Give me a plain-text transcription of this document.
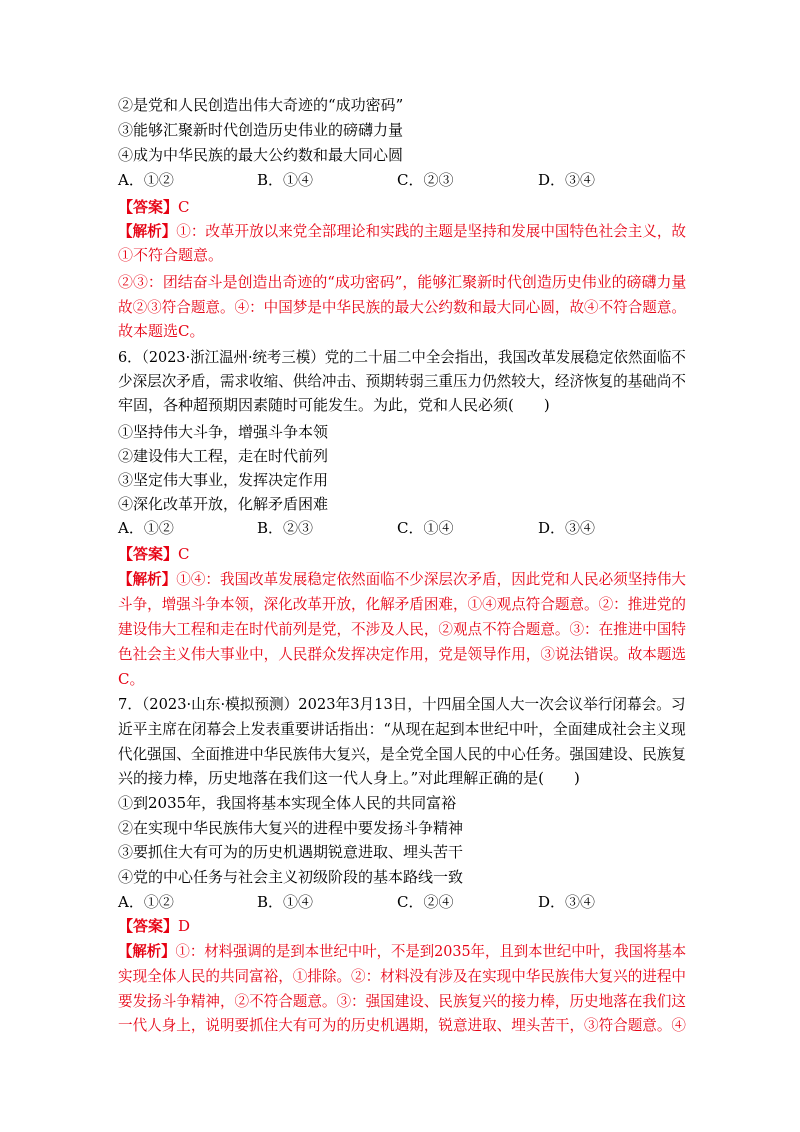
②是党和人民创造出伟大奇迹的“成功密码”
③能够汇聚新时代创造历史伟业的磅礴力量
④成为中华民族的最大公约数和最大同心圆
A．①②	B．①④	C．②③	D．③④
【答案】C
【解析】①：改革开放以来党全部理论和实践的主题是坚持和发展中国特色社会主义，故
①不符合题意。
②③：团结奋斗是创造出奇迹的“成功密码”，能够汇聚新时代创造历史伟业的磅礴力量
故②③符合题意。④：中国梦是中华民族的最大公约数和最大同心圆，故④不符合题意。
故本题选C。
6．（2023·浙江温州·统考三模）党的二十届二中全会指出，我国改革发展稳定依然面临不
少深层次矛盾，需求收缩、供给冲击、预期转弱三重压力仍然较大，经济恢复的基础尚不
牢固，各种超预期因素随时可能发生。为此，党和人民必须(　　)
①坚持伟大斗争，增强斗争本领
②建设伟大工程，走在时代前列
③坚定伟大事业，发挥决定作用
④深化改革开放，化解矛盾困难
A．①②	B．②③	C．①④	D．③④
【答案】C
【解析】①④：我国改革发展稳定依然面临不少深层次矛盾，因此党和人民必须坚持伟大
斗争，增强斗争本领，深化改革开放，化解矛盾困难，①④观点符合题意。②：推进党的
建设伟大工程和走在时代前列是党，不涉及人民，②观点不符合题意。③：在推进中国特
色社会主义伟大事业中，人民群众发挥决定作用，党是领导作用，③说法错误。故本题选
C。
7．（2023·山东·模拟预测）2023年3月13日，十四届全国人大一次会议举行闭幕会。习
近平主席在闭幕会上发表重要讲话指出：“从现在起到本世纪中叶，全面建成社会主义现
代化强国、全面推进中华民族伟大复兴，是全党全国人民的中心任务。强国建设、民族复
兴的接力棒，历史地落在我们这一代人身上。”对此理解正确的是(　　)
①到2035年，我国将基本实现全体人民的共同富裕
②在实现中华民族伟大复兴的进程中要发扬斗争精神
③要抓住大有可为的历史机遇期锐意进取、埋头苦干
④党的中心任务与社会主义初级阶段的基本路线一致
A．①②	B．①④	C．②④	D．③④
【答案】D
【解析】①：材料强调的是到本世纪中叶，不是到2035年，且到本世纪中叶，我国将基本
实现全体人民的共同富裕，①排除。②：材料没有涉及在实现中华民族伟大复兴的进程中
要发扬斗争精神，②不符合题意。③：强国建设、民族复兴的接力棒，历史地落在我们这
一代人身上，说明要抓住大有可为的历史机遇期，锐意进取、埋头苦干，③符合题意。④
